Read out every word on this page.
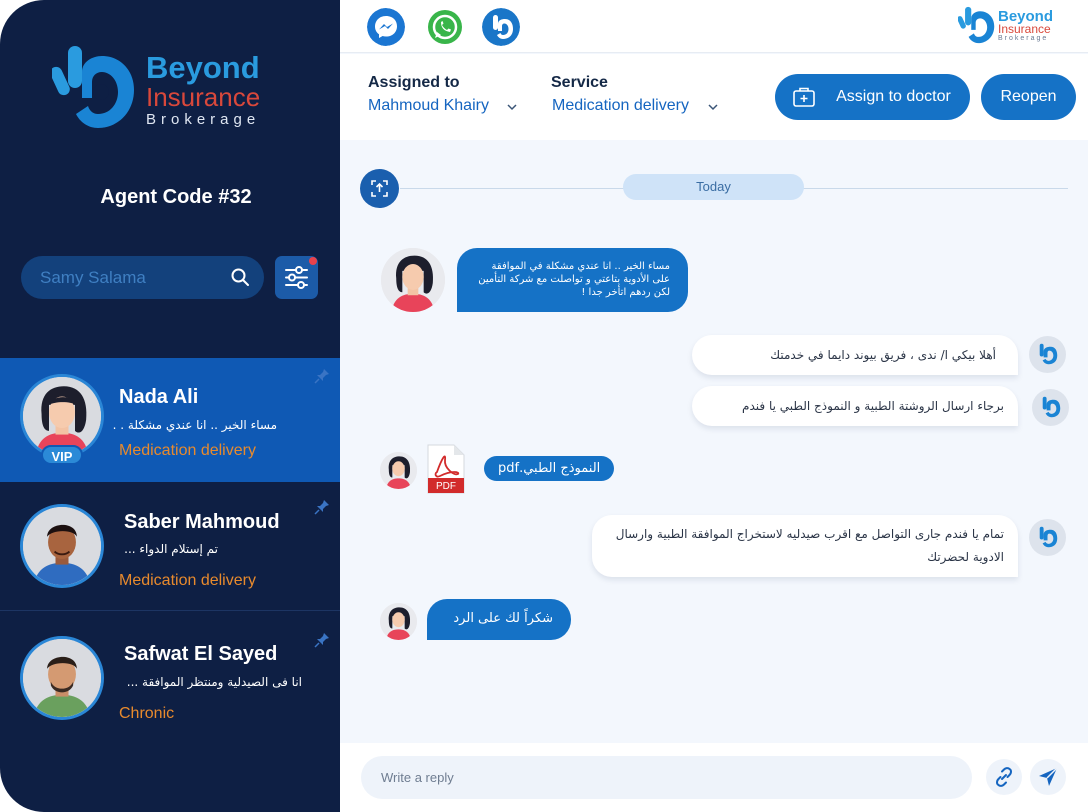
Beyond
Insurance
Brokerage
Agent Code #32
Samy Salama
VIP
Nada Ali
مساء الخير .. انا عندي مشكلة . .
Medication delivery
Saber Mahmoud
تم إستلام الدواء ...
Medication delivery
Safwat El Sayed
انا فى الصيدلية ومنتظر الموافقة ...
Chronic
Beyond
Insurance
Brokerage
Assigned to
Mahmoud Khairy
Service
Medication delivery
Assign to doctor	Reopen
Today
مساء الخير .. انا عندي مشكلة في الموافقة على الأدوية بتاعتي و تواصلت مع شركة التأمين لكن ردهم اتأخر جدا !
أهلا بيكي ا/ ندى ، فريق بيوند دايما في خدمتك
برجاء ارسال الروشتة الطبية و النموذج الطبي يا فندم
PDF
النموذج الطبي.pdf
تمام يا فندم جارى التواصل مع اقرب صيدليه لاستخراج الموافقة الطبية وارسال الادوية لحضرتك
شكراً لك على الرد
Write a reply
